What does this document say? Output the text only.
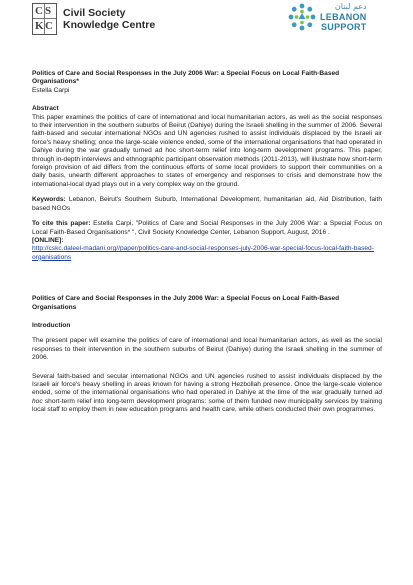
C S
K C
Civil Society
Knowledge Centre
دعم لبنان
LEBANON
SUPPORT

Politics of Care and Social Responses in the July 2006 War: a Special Focus on Local Faith-Based Organisations*

Estella Carpi

Abstract

This paper examines the politics of care of international and local humanitarian actors, as well as the social responses to their intervention in the southern suburbs of Beirut (Dahiye) during the Israeli shelling in the summer of 2006. Several faith-based and secular international NGOs and UN agencies rushed to assist individuals displaced by the Israeli air force's heavy shelling; once the large-scale violence ended, some of the international organisations that had operated in Dahiye during the war gradually turned ad hoc short-term relief into long-term development programs. This paper, through in-depth interviews and ethnographic participant observation methods (2011-2013), will illustrate how short-term foreign provision of aid differs from the continuous efforts of some local providers to support their communities on a daily basis, unearth different approaches to states of emergency and responses to crisis and demonstrate how the international-local dyad plays out in a very complex way on the ground.

Keywords: Lebanon, Beirut's Southern Suburb, International Development, humanitarian aid, Aid Distribution, faith based NGOs

To cite this paper: Estella Carpi, "Politics of Care and Social Responses in the July 2006 War: a Special Focus on Local Faith-Based Organisations* ", Civil Society Knowledge Center, Lebanon Support, August, 2016 .

[ONLINE]:

http://cskc.daleel-madani.org//paper/politics-care-and-social-responses-july-2006-war-special-focus-local-faith-based-organisations

Politics of Care and Social Responses in the July 2006 War: a Special Focus on Local Faith-Based Organisations

Introduction

The present paper will examine the politics of care of international and local humanitarian actors, as well as the social responses to their intervention in the southern suburbs of Beirut (Dahiye) during the Israeli shelling in the summer of 2006.

Several faith-based and secular international NGOs and UN agencies rushed to assist individuals displaced by the Israeli air force's heavy shelling in areas known for having a strong Hezbollah presence. Once the large-scale violence ended, some of the international organisations who had operated in Dahiye at the time of the war gradually turned ad hoc short-term relief into long-term development programs: some of them funded new municipality services by training local staff to employ them in new education programs and health care, while others conducted their own programmes.
